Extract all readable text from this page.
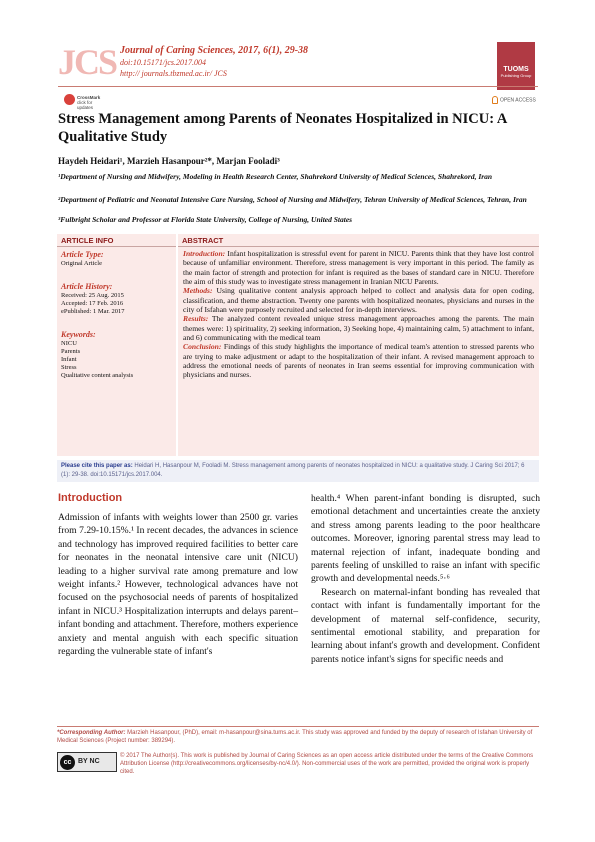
JCS Journal of Caring Sciences, 2017, 6(1), 29-38
doi:10.15171/jcs.2017.004
http:// journals.tbzmed.ac.ir/ JCS	TUOMS
Publishing Group
CrossMark
click for updates
OPEN ACCESS
Stress Management among Parents of Neonates Hospitalized in NICU: A Qualitative Study
Haydeh Heidari¹, Marzieh Hasanpour²*, Marjan Fooladi³
¹Department of Nursing and Midwifery, Modeling in Health Research Center, Shahrekord University of Medical Sciences, Shahrekord, Iran
²Department of Pediatric and Neonatal Intensive Care Nursing, School of Nursing and Midwifery, Tehran University of Medical Sciences, Tehran, Iran
³Fulbright Scholar and Professor at Florida State University, College of Nursing, United States
ARTICLE INFO
Article Type:
Original Article
Article History:
Received: 25 Aug. 2015
Accepted: 17 Feb. 2016
ePublished: 1 Mar. 2017
Keywords:
NICU
Parents
Infant
Stress
Qualitative content analysis
ABSTRACT

Introduction: Infant hospitalization is stressful event for parent in NICU. Parents think that they have lost control because of unfamiliar environment. Therefore, stress management is very important in this period. The family as the main factor of strength and protection for infant is required as the bases of standard care in NICU. Therefore the aim of this study was to investigate stress management in Iranian NICU Parents.

Methods: Using qualitative content analysis approach helped to collect and analysis data for open coding, classification, and theme abstraction. Twenty one parents with hospitalized neonates, physicians and nurses in the city of Isfahan were purposely recruited and selected for in-depth interviews.

Results: The analyzed content revealed unique stress management approaches among the parents. The main themes were: 1) spirituality, 2) seeking information, 3) Seeking hope, 4) maintaining calm, 5) attachment to infant, and 6) communicating with the medical team

Conclusion: Findings of this study highlights the importance of medical team's attention to stressed parents who are trying to make adjustment or adapt to the hospitalization of their infant. A revised management approach to address the emotional needs of parents of neonates in Iran seems essential for improving communication with physicians and nurses.

Please cite this paper as: Heidari H, Hasanpour M, Fooladi M. Stress management among parents of neonates hospitalized in NICU: a qualitative study. J Caring Sci 2017; 6 (1): 29-38. doi:10.15171/jcs.2017.004.
Introduction

Admission of infants with weights lower than 2500 gr. varies from 7.29-10.15%.¹ In recent decades, the advances in science and technology has improved required facilities to better care for neonates in the neonatal intensive care unit (NICU) leading to a higher survival rate among premature and low weight infants.² However, technological advances have not focused on the psychosocial needs of parents of hospitalized infant in NICU.³ Hospitalization interrupts and delays parent–infant bonding and attachment. Therefore, mothers experience anxiety and mental anguish with each specific situation regarding the vulnerable state of infant's

health.⁴ When parent-infant bonding is disrupted, such emotional detachment and uncertainties create the anxiety and stress among parents leading to the poor healthcare outcomes. Moreover, ignoring parental stress may lead to maternal rejection of infant, inadequate bonding and parents feeling of unskilled to raise an infant with specific growth and developmental needs.⁵·⁶

Research on maternal-infant bonding has revealed that contact with infant is fundamentally important for the development of maternal self-confidence, security, sentimental emotional stability, and preparation for learning about infant's growth and development. Confident parents notice infant's signs for specific needs and

*Corresponding Author: Marzieh Hasanpour, (PhD), email: m-hasanpour@sina.tums.ac.ir. This study was approved and funded by the deputy of research of Isfahan University of Medical Sciences (Project number: 389294).
cc BY NC
© 2017 The Author(s). This work is published by Journal of Caring Sciences as an open access article distributed under the terms of the Creative Commons Attribution License (http://creativecommons.org/licenses/by-nc/4.0/). Non-commercial uses of the work are permitted, provided the original work is properly cited.
